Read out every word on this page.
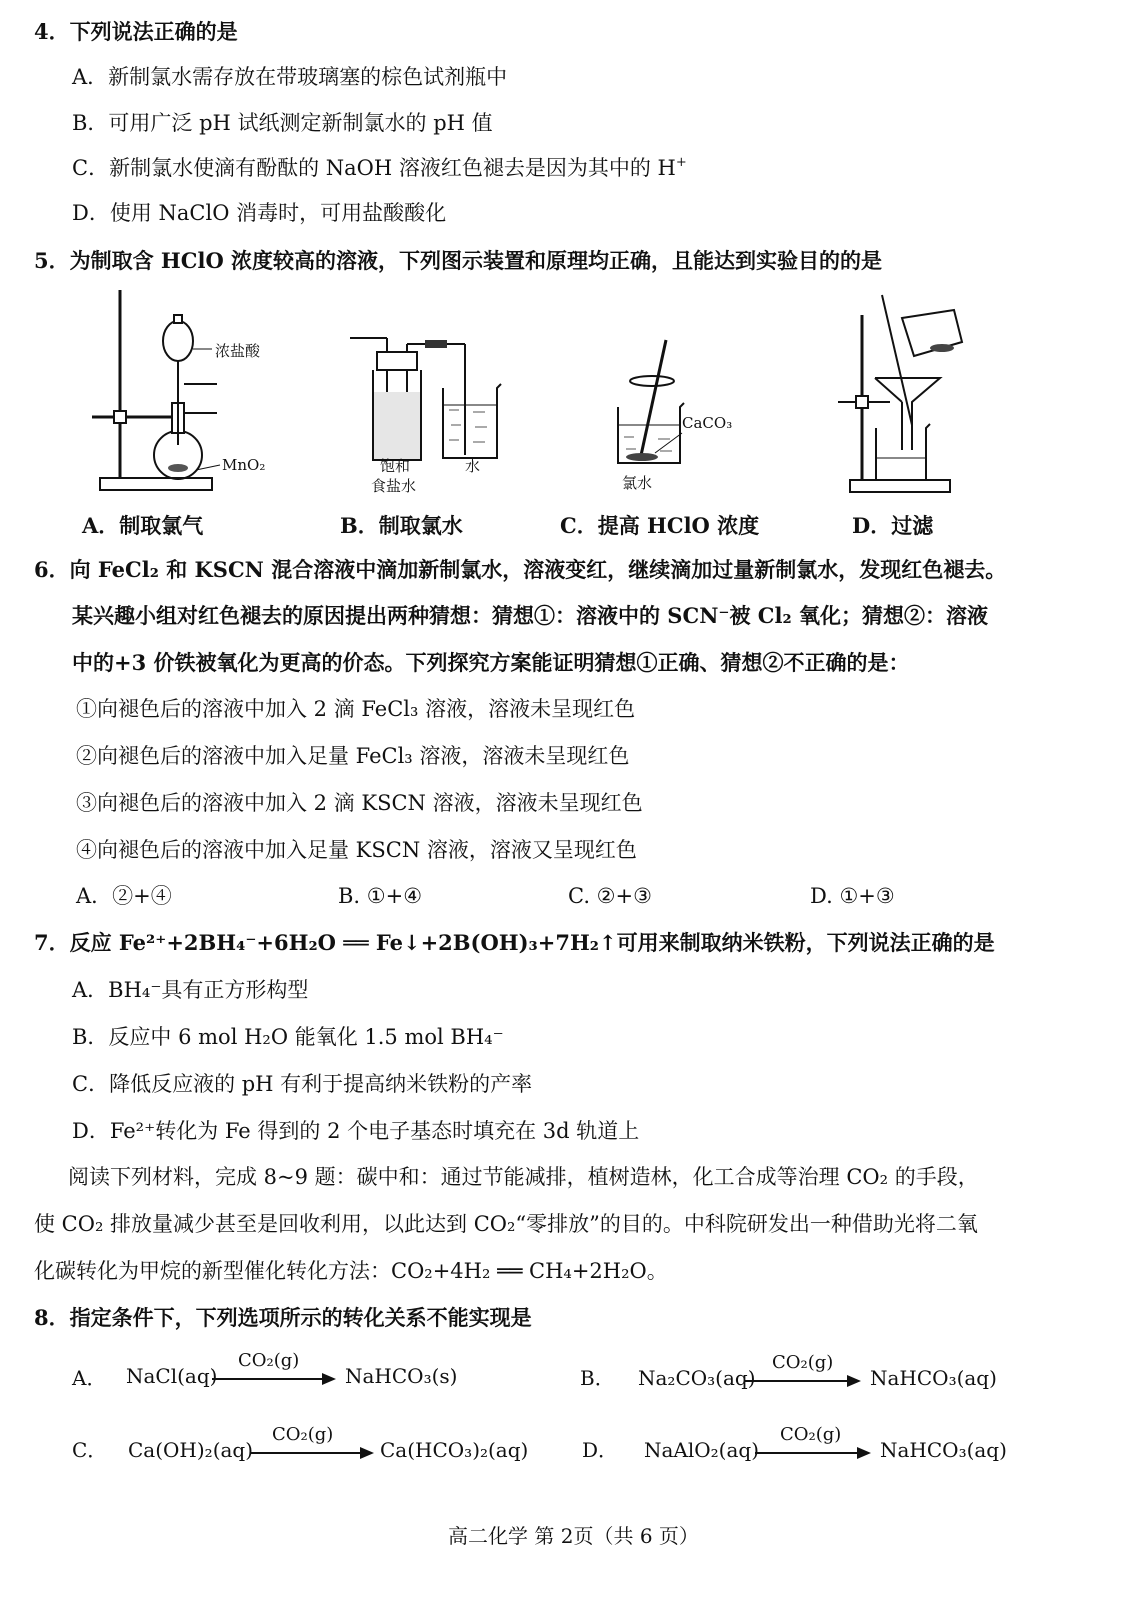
4．下列说法正确的是
A．新制氯水需存放在带玻璃塞的棕色试剂瓶中
B．可用广泛 pH 试纸测定新制氯水的 pH 值
C．新制氯水使滴有酚酞的 NaOH 溶液红色褪去是因为其中的 H+
D．使用 NaClO 消毒时，可用盐酸酸化
5．为制取含 HClO 浓度较高的溶液，下列图示装置和原理均正确，且能达到实验目的的是
浓盐酸
MnO₂	饱和
食盐水
水
CaCO₃
氯水
A．制取氯气	B．制取氯水	C．提高 HClO 浓度	D．过滤
6．向 FeCl₂ 和 KSCN 混合溶液中滴加新制氯水，溶液变红，继续滴加过量新制氯水，发现红色褪去。
某兴趣小组对红色褪去的原因提出两种猜想：猜想①：溶液中的 SCN⁻被 Cl₂ 氧化；猜想②：溶液
中的+3 价铁被氧化为更高的价态。下列探究方案能证明猜想①正确、猜想②不正确的是：
①向褪色后的溶液中加入 2 滴 FeCl₃ 溶液，溶液未呈现红色
②向褪色后的溶液中加入足量 FeCl₃ 溶液，溶液未呈现红色
③向褪色后的溶液中加入 2 滴 KSCN 溶液，溶液未呈现红色
④向褪色后的溶液中加入足量 KSCN 溶液，溶液又呈现红色
A．②+④	B. ①+④	C. ②+③	D. ①+③
7．反应 Fe²⁺+2BH₄⁻+6H₂O ══ Fe↓+2B(OH)₃+7H₂↑可用来制取纳米铁粉，下列说法正确的是
A．BH₄⁻具有正方形构型
B．反应中 6 mol H₂O 能氧化 1.5 mol BH₄⁻
C．降低反应液的 pH 有利于提高纳米铁粉的产率
D．Fe²⁺转化为 Fe 得到的 2 个电子基态时填充在 3d 轨道上
阅读下列材料，完成 8~9 题：碳中和：通过节能减排，植树造林，化工合成等治理 CO₂ 的手段，
使 CO₂ 排放量减少甚至是回收利用，以此达到 CO₂“零排放”的目的。中科院研发出一种借助光将二氧
化碳转化为甲烷的新型催化转化方法：CO₂+4H₂ ══ CH₄+2H₂O。
8．指定条件下，下列选项所示的转化关系不能实现是
A． NaCl(aq)
CO₂(g)
NaHCO₃(s)	B． Na₂CO₃(aq)
CO₂(g)
NaHCO₃(aq)
C． Ca(OH)₂(aq)
CO₂(g)
Ca(HCO₃)₂(aq)	D． NaAlO₂(aq)
CO₂(g)
NaHCO₃(aq)
高二化学 第 2页（共 6 页）
